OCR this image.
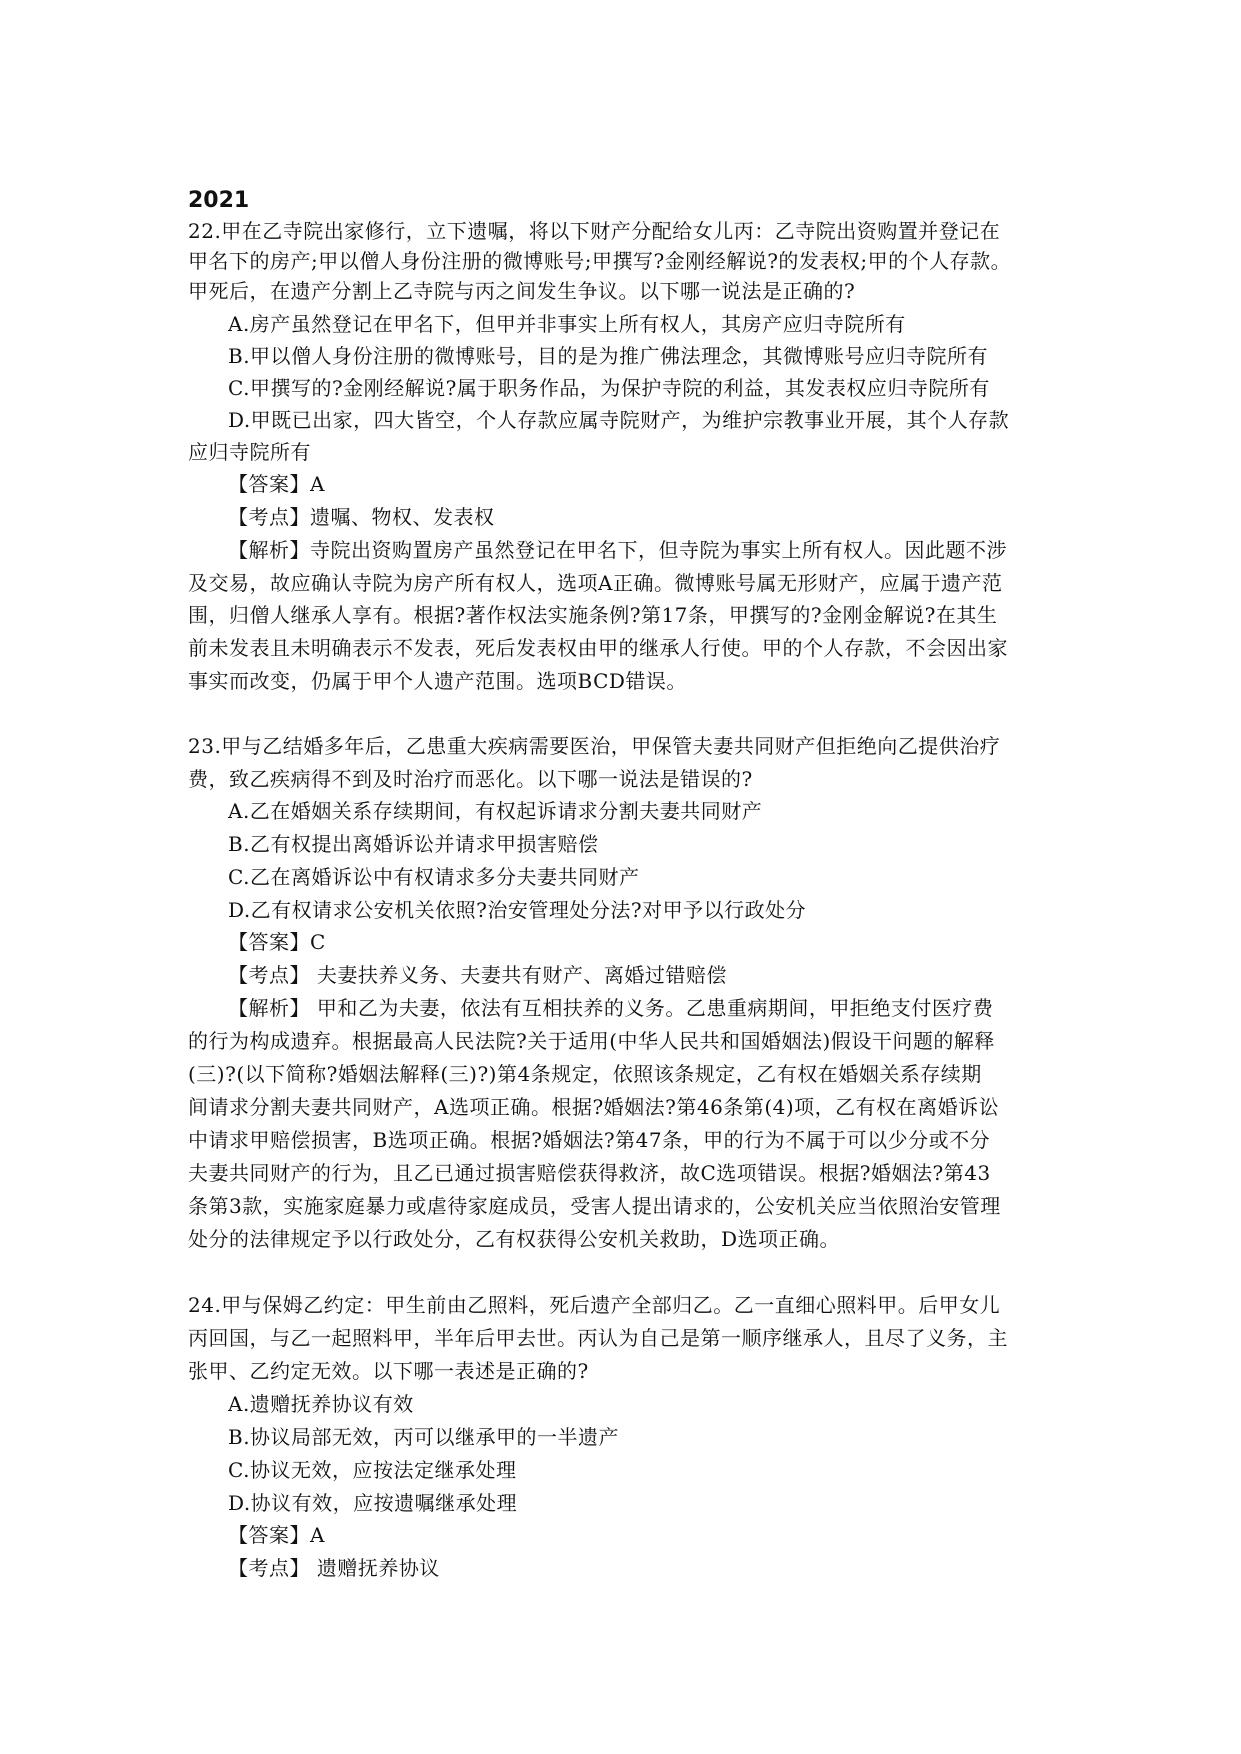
2021
22.甲在乙寺院出家修行，立下遗嘱，将以下财产分配给女儿丙：乙寺院出资购置并登记在
甲名下的房产;甲以僧人身份注册的微博账号;甲撰写?金刚经解说?的发表权;甲的个人存款。
甲死后，在遗产分割上乙寺院与丙之间发生争议。以下哪一说法是正确的?
A.房产虽然登记在甲名下，但甲并非事实上所有权人，其房产应归寺院所有
B.甲以僧人身份注册的微博账号，目的是为推广佛法理念，其微博账号应归寺院所有
C.甲撰写的?金刚经解说?属于职务作品，为保护寺院的利益，其发表权应归寺院所有
D.甲既已出家，四大皆空，个人存款应属寺院财产，为维护宗教事业开展，其个人存款
应归寺院所有
【答案】A
【考点】遗嘱、物权、发表权
【解析】寺院出资购置房产虽然登记在甲名下，但寺院为事实上所有权人。因此题不涉
及交易，故应确认寺院为房产所有权人，选项A正确。微博账号属无形财产，应属于遗产范
围，归僧人继承人享有。根据?著作权法实施条例?第17条，甲撰写的?金刚金解说?在其生
前未发表且未明确表示不发表，死后发表权由甲的继承人行使。甲的个人存款，不会因出家
事实而改变，仍属于甲个人遗产范围。选项BCD错误。
23.甲与乙结婚多年后，乙患重大疾病需要医治，甲保管夫妻共同财产但拒绝向乙提供治疗
费，致乙疾病得不到及时治疗而恶化。以下哪一说法是错误的?
A.乙在婚姻关系存续期间，有权起诉请求分割夫妻共同财产
B.乙有权提出离婚诉讼并请求甲损害赔偿
C.乙在离婚诉讼中有权请求多分夫妻共同财产
D.乙有权请求公安机关依照?治安管理处分法?对甲予以行政处分
【答案】C
【考点】 夫妻扶养义务、夫妻共有财产、离婚过错赔偿
【解析】 甲和乙为夫妻，依法有互相扶养的义务。乙患重病期间，甲拒绝支付医疗费
的行为构成遗弃。根据最高人民法院?关于适用(中华人民共和国婚姻法)假设干问题的解释
(三)?(以下简称?婚姻法解释(三)?)第4条规定，依照该条规定，乙有权在婚姻关系存续期
间请求分割夫妻共同财产，A选项正确。根据?婚姻法?第46条第(4)项，乙有权在离婚诉讼
中请求甲赔偿损害，B选项正确。根据?婚姻法?第47条，甲的行为不属于可以少分或不分
夫妻共同财产的行为，且乙已通过损害赔偿获得救济，故C选项错误。根据?婚姻法?第43
条第3款，实施家庭暴力或虐待家庭成员，受害人提出请求的，公安机关应当依照治安管理
处分的法律规定予以行政处分，乙有权获得公安机关救助，D选项正确。
24.甲与保姆乙约定：甲生前由乙照料，死后遗产全部归乙。乙一直细心照料甲。后甲女儿
丙回国，与乙一起照料甲，半年后甲去世。丙认为自己是第一顺序继承人，且尽了义务，主
张甲、乙约定无效。以下哪一表述是正确的?
A.遗赠抚养协议有效
B.协议局部无效，丙可以继承甲的一半遗产
C.协议无效，应按法定继承处理
D.协议有效，应按遗嘱继承处理
【答案】A
【考点】 遗赠抚养协议
